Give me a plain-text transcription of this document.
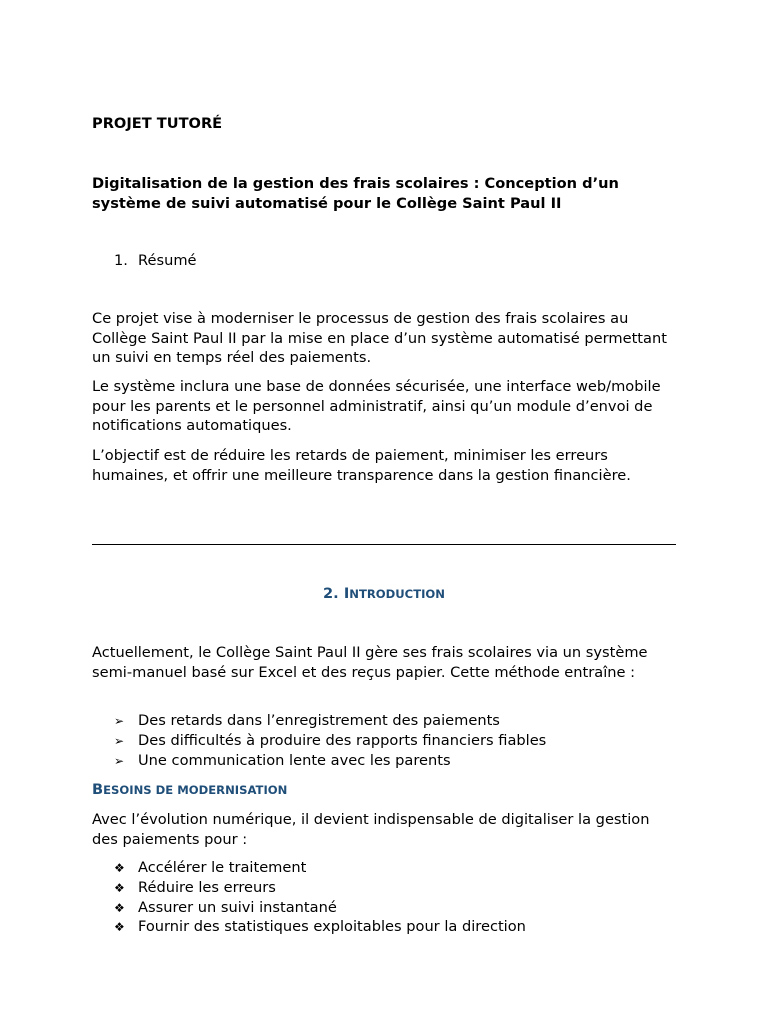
PROJET TUTORÉ
Digitalisation de la gestion des frais scolaires : Conception d’un système de suivi automatisé pour le Collège Saint Paul II
1. Résumé
Ce projet vise à moderniser le processus de gestion des frais scolaires au Collège Saint Paul II par la mise en place d’un système automatisé permettant un suivi en temps réel des paiements.
Le système inclura une base de données sécurisée, une interface web/mobile pour les parents et le personnel administratif, ainsi qu’un module d’envoi de notifications automatiques.
L’objectif est de réduire les retards de paiement, minimiser les erreurs humaines, et offrir une meilleure transparence dans la gestion financière.
2. INTRODUCTION
Actuellement, le Collège Saint Paul II gère ses frais scolaires via un système semi-manuel basé sur Excel et des reçus papier. Cette méthode entraîne :
➢ Des retards dans l’enregistrement des paiements
➢ Des difficultés à produire des rapports financiers fiables
➢ Une communication lente avec les parents
BESOINS DE MODERNISATION
Avec l’évolution numérique, il devient indispensable de digitaliser la gestion des paiements pour :
❖ Accélérer le traitement
❖ Réduire les erreurs
❖ Assurer un suivi instantané
❖ Fournir des statistiques exploitables pour la direction
